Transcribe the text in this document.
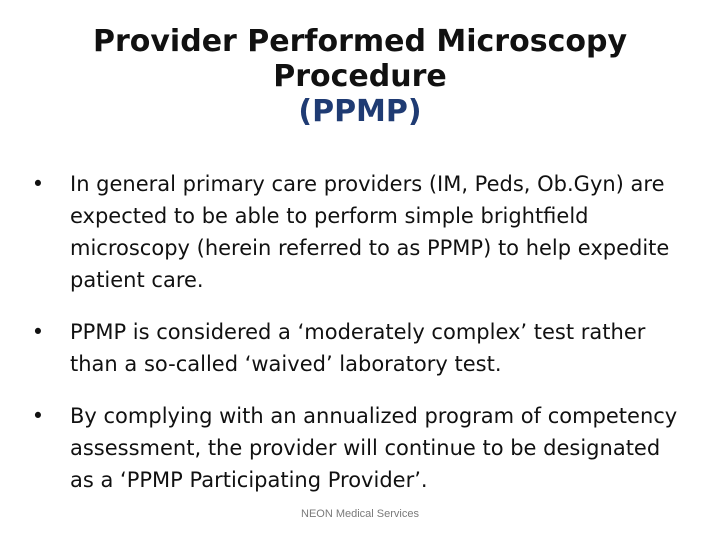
Provider Performed Microscopy
Procedure
(PPMP)
• In general primary care providers (IM, Peds, Ob.Gyn) are expected to be able to perform simple brightfield microscopy (herein referred to as PPMP) to help expedite patient care.
• PPMP is considered a ‘moderately complex’ test rather than a so-called ‘waived’ laboratory test.
• By complying with an annualized program of competency assessment, the provider will continue to be designated as a ‘PPMP Participating Provider’.
NEON Medical Services
